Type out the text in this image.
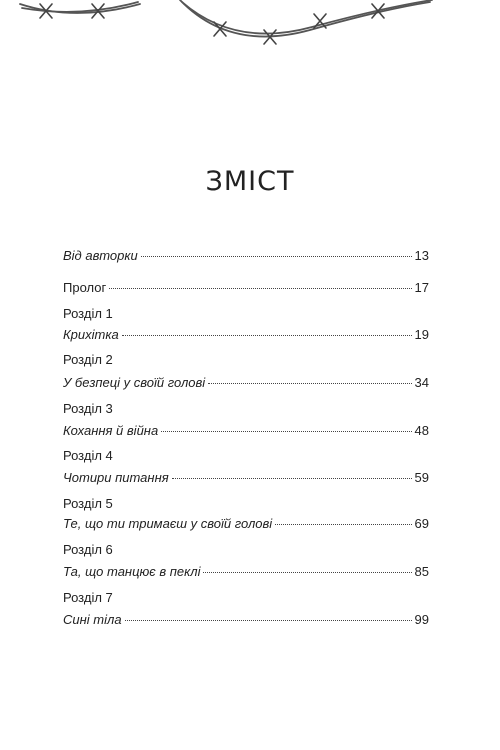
ЗМІСТ
Від авторки	13
Пролог	17
Розділ 1
Крихітка	19
Розділ 2
У безпеці у своїй голові	34
Розділ 3
Кохання й війна	48
Розділ 4
Чотири питання	59
Розділ 5
Те, що ти тримаєш у своїй голові	69
Розділ 6
Та, що танцює в пеклі	85
Розділ 7
Сині тіла	99
